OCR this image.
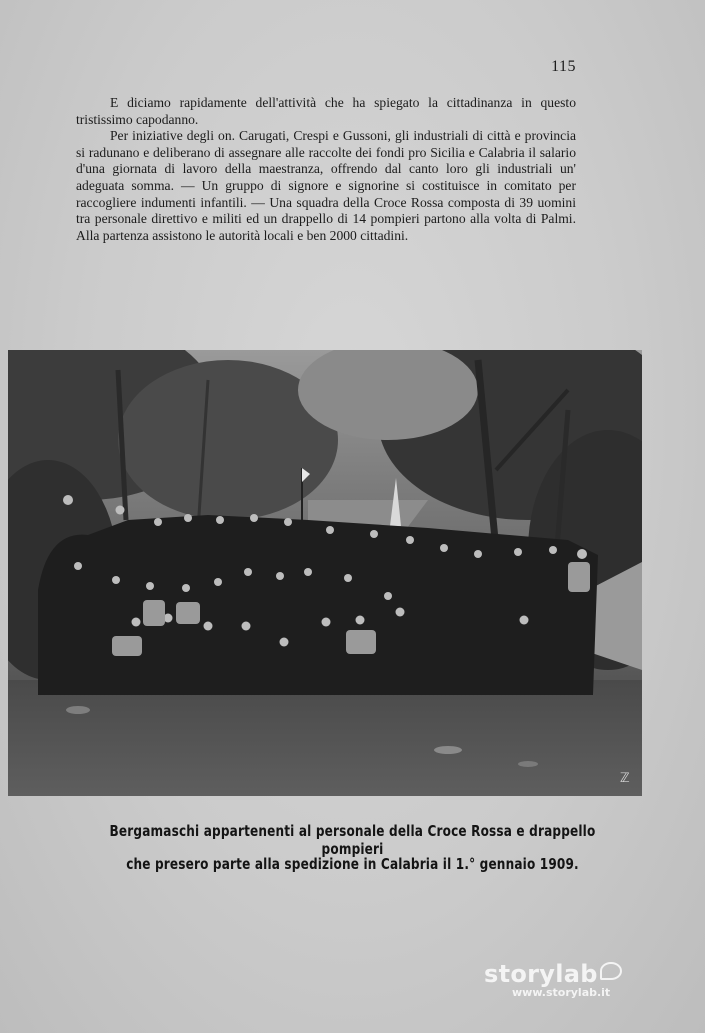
115

E diciamo rapidamente dell'attività che ha spiegato la cittadinanza in questo tristissimo capodanno.

Per iniziative degli on. Carugati, Crespi e Gussoni, gli industriali di città e provincia si radunano e deliberano di assegnare alle raccolte dei fondi pro Sicilia e Calabria il salario d'una giornata di lavoro della maestranza, offrendo dal canto loro gli industriali un' adeguata somma. — Un gruppo di signore e signorine si costituisce in comitato per raccogliere indumenti infantili. — Una squadra della Croce Rossa composta di 39 uomini tra personale direttivo e militi ed un drappello di 14 pompieri partono alla volta di Palmi. Alla partenza assistono le autorità locali e ben 2000 cittadini.

ℤ
Bergamaschi appartenenti al personale della Croce Rossa e drappello pompieri
che presero parte alla spedizione in Calabria il 1.° gennaio 1909.
storylab
www.storylab.it
